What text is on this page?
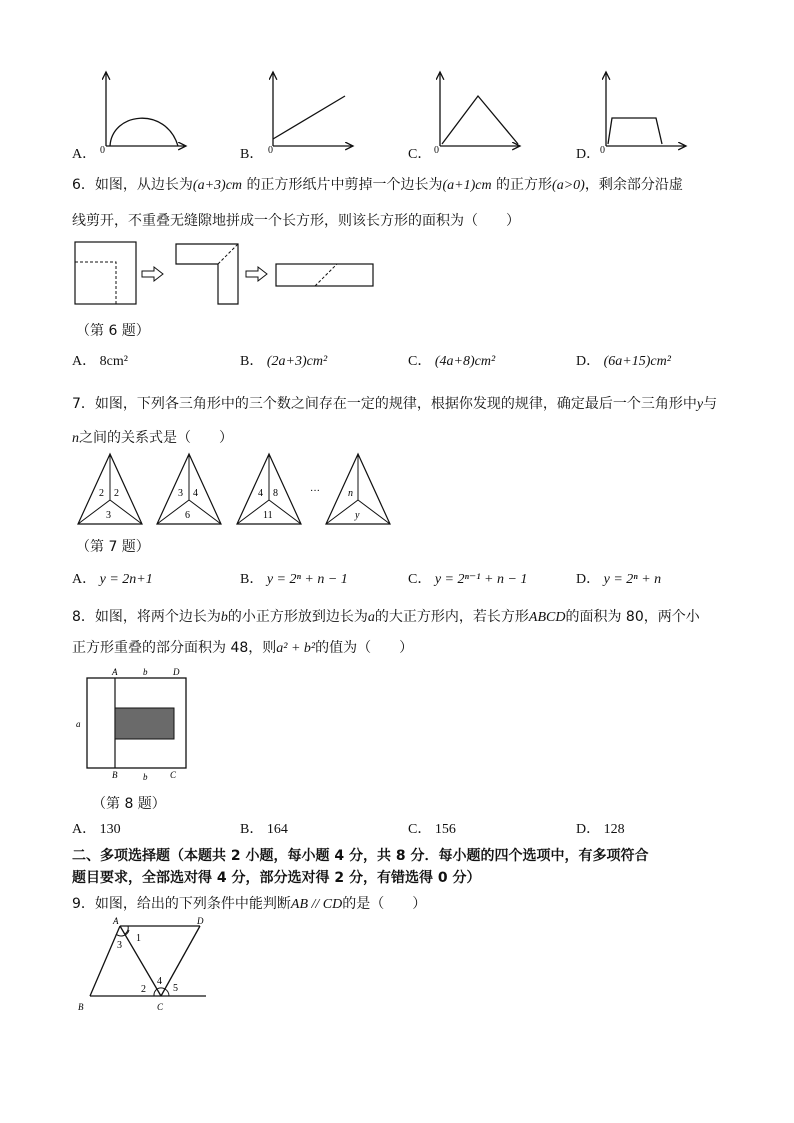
A． 0	B． 0	C． 0	D． 0
6．如图，从边长为(a+3)cm 的正方形纸片中剪掉一个边长为(a+1)cm 的正方形(a>0)，剩余部分沿虚
线剪开，不重叠无缝隙地拼成一个长方形，则该长方形的面积为（　　）
（第 6 题）
A． 8cm²	B． (2a+3)cm²	C． (4a+8)cm²	D． (6a+15)cm²
7．如图，下列各三角形中的三个数之间存在一定的规律，根据你发现的规律，确定最后一个三角形中y与
n之间的关系式是（　　）
2 2
3
3 4
6
4 8
11
···	n
y
（第 7 题）
A． y = 2n+1	B． y = 2ⁿ + n − 1	C． y = 2ⁿ⁻¹ + n − 1	D． y = 2ⁿ + n
8．如图，将两个边长为b的小正方形放到边长为a的大正方形内，若长方形ABCD的面积为 80，两个小
正方形重叠的部分面积为 48，则a² + b²的值为（　　）
A	b	D
a
B	b	C
（第 8 题）
A． 130	B． 164	C． 156	D． 128
二、多项选择题（本题共 2 小题，每小题 4 分，共 8 分．每小题的四个选项中，有多项符合
题目要求，全部选对得 4 分，部分选对得 2 分，有错选得 0 分）
9．如图，给出的下列条件中能判断AB // CD的是（　　）
A	D
B	C
1
2
3
4
5
